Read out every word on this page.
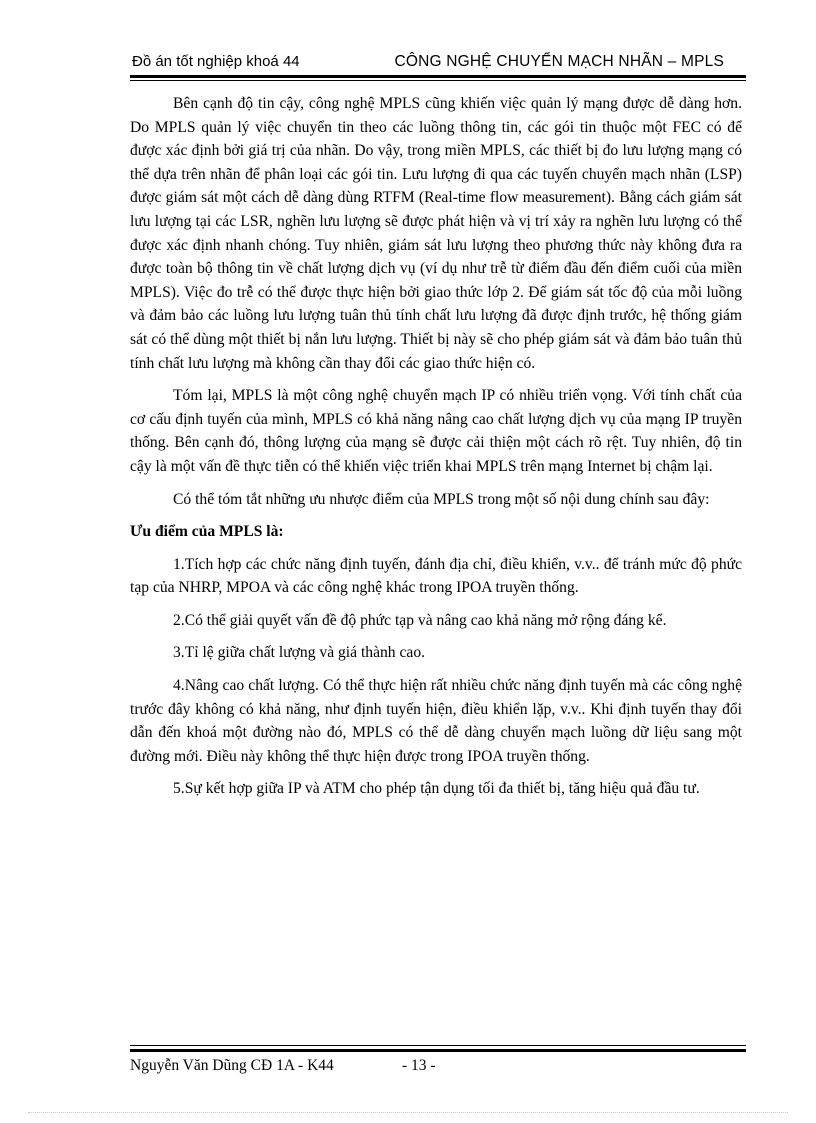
Đồ án tốt nghiệp khoá 44	CÔNG NGHỆ CHUYỂN MẠCH NHÃN – MPLS

Bên cạnh độ tin cậy, công nghệ MPLS cũng khiến việc quản lý mạng được dễ dàng hơn. Do MPLS quản lý việc chuyển tin theo các luồng thông tin, các gói tin thuộc một FEC có để được xác định bởi giá trị của nhãn. Do vậy, trong miền MPLS, các thiết bị đo lưu lượng mạng có thể dựa trên nhãn để phân loại các gói tin. Lưu lượng đi qua các tuyến chuyển mạch nhãn (LSP) được giám sát một cách dễ dàng dùng RTFM (Real-time flow measurement). Bằng cách giám sát lưu lượng tại các LSR, nghẽn lưu lượng sẽ được phát hiện và vị trí xảy ra nghẽn lưu lượng có thể được xác định nhanh chóng. Tuy nhiên, giám sát lưu lượng theo phương thức này không đưa ra được toàn bộ thông tin về chất lượng dịch vụ (ví dụ như trễ từ điểm đầu đến điểm cuối của miền MPLS). Việc đo trễ có thể được thực hiện bởi giao thức lớp 2. Để giám sát tốc độ của mỗi luồng và đảm bảo các luồng lưu lượng tuân thủ tính chất lưu lượng đã được định trước, hệ thống giám sát có thể dùng một thiết bị nắn lưu lượng. Thiết bị này sẽ cho phép giám sát và đảm bảo tuân thủ tính chất lưu lượng mà không cần thay đổi các giao thức hiện có.

Tóm lại, MPLS là một công nghệ chuyển mạch IP có nhiều triển vọng. Với tính chất của cơ cấu định tuyến của mình, MPLS có khả năng nâng cao chất lượng dịch vụ của mạng IP truyền thống. Bên cạnh đó, thông lượng của mạng sẽ được cải thiện một cách rõ rệt. Tuy nhiên, độ tin cậy là một vấn đề thực tiễn có thể khiến việc triển khai MPLS trên mạng Internet bị chậm lại.

Có thể tóm tắt những ưu nhược điểm của MPLS trong một số nội dung chính sau đây:

Ưu điểm của MPLS là:

1.Tích hợp các chức năng định tuyến, đánh địa chỉ, điều khiển, v.v.. để tránh mức độ phức tạp của NHRP, MPOA và các công nghệ khác trong IPOA truyền thống.

2.Có thể giải quyết vấn đề độ phức tạp và nâng cao khả năng mở rộng đáng kể.

3.Tỉ lệ giữa chất lượng và giá thành cao.

4.Nâng cao chất lượng. Có thể thực hiện rất nhiều chức năng định tuyến mà các công nghệ trước đây không có khả năng, như định tuyến hiện, điều khiển lặp, v.v.. Khi định tuyến thay đổi dẫn đến khoá một đường nào đó, MPLS có thể dễ dàng chuyển mạch luồng dữ liệu sang một đường mới. Điều này không thể thực hiện được trong IPOA truyền thống.

5.Sự kết hợp giữa IP và ATM cho phép tận dụng tối đa thiết bị, tăng hiệu quả đầu tư.

Nguyễn Văn Dũng CĐ 1A - K44	- 13 -
